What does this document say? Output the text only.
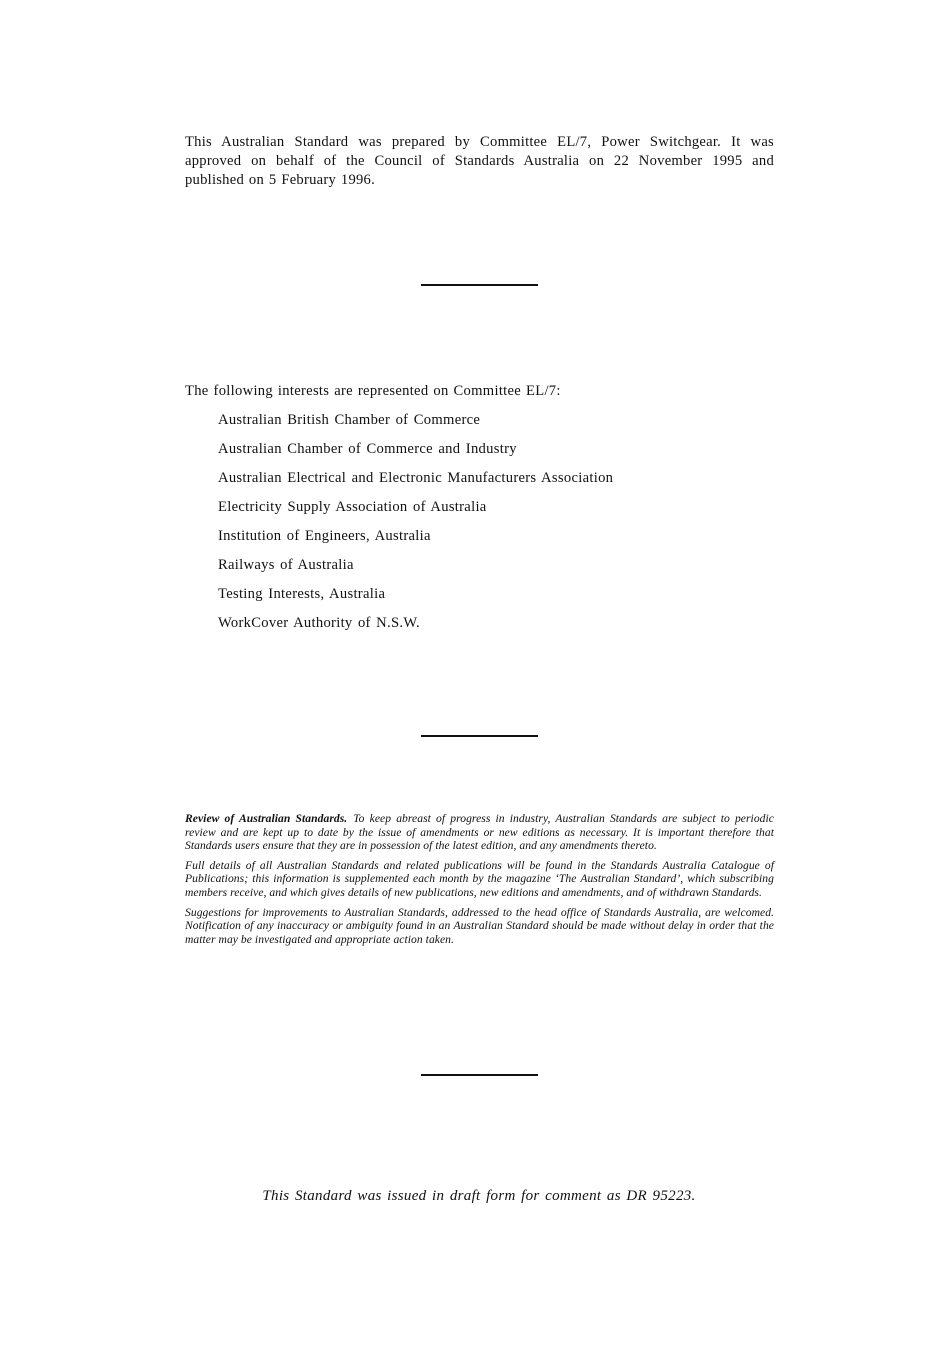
This Australian Standard was prepared by Committee EL/7, Power Switchgear. It was approved on behalf of the Council of Standards Australia on 22 November 1995 and published on 5 February 1996.

The following interests are represented on Committee EL/7:

Australian British Chamber of Commerce
Australian Chamber of Commerce and Industry
Australian Electrical and Electronic Manufacturers Association
Electricity Supply Association of Australia
Institution of Engineers, Australia
Railways of Australia
Testing Interests, Australia
WorkCover Authority of N.S.W.

Review of Australian Standards. To keep abreast of progress in industry, Australian Standards are subject to periodic review and are kept up to date by the issue of amendments or new editions as necessary. It is important therefore that Standards users ensure that they are in possession of the latest edition, and any amendments thereto.

Full details of all Australian Standards and related publications will be found in the Standards Australia Catalogue of Publications; this information is supplemented each month by the magazine ‘The Australian Standard’, which subscribing members receive, and which gives details of new publications, new editions and amendments, and of withdrawn Standards.

Suggestions for improvements to Australian Standards, addressed to the head office of Standards Australia, are welcomed. Notification of any inaccuracy or ambiguity found in an Australian Standard should be made without delay in order that the matter may be investigated and appropriate action taken.

This Standard was issued in draft form for comment as DR 95223.
